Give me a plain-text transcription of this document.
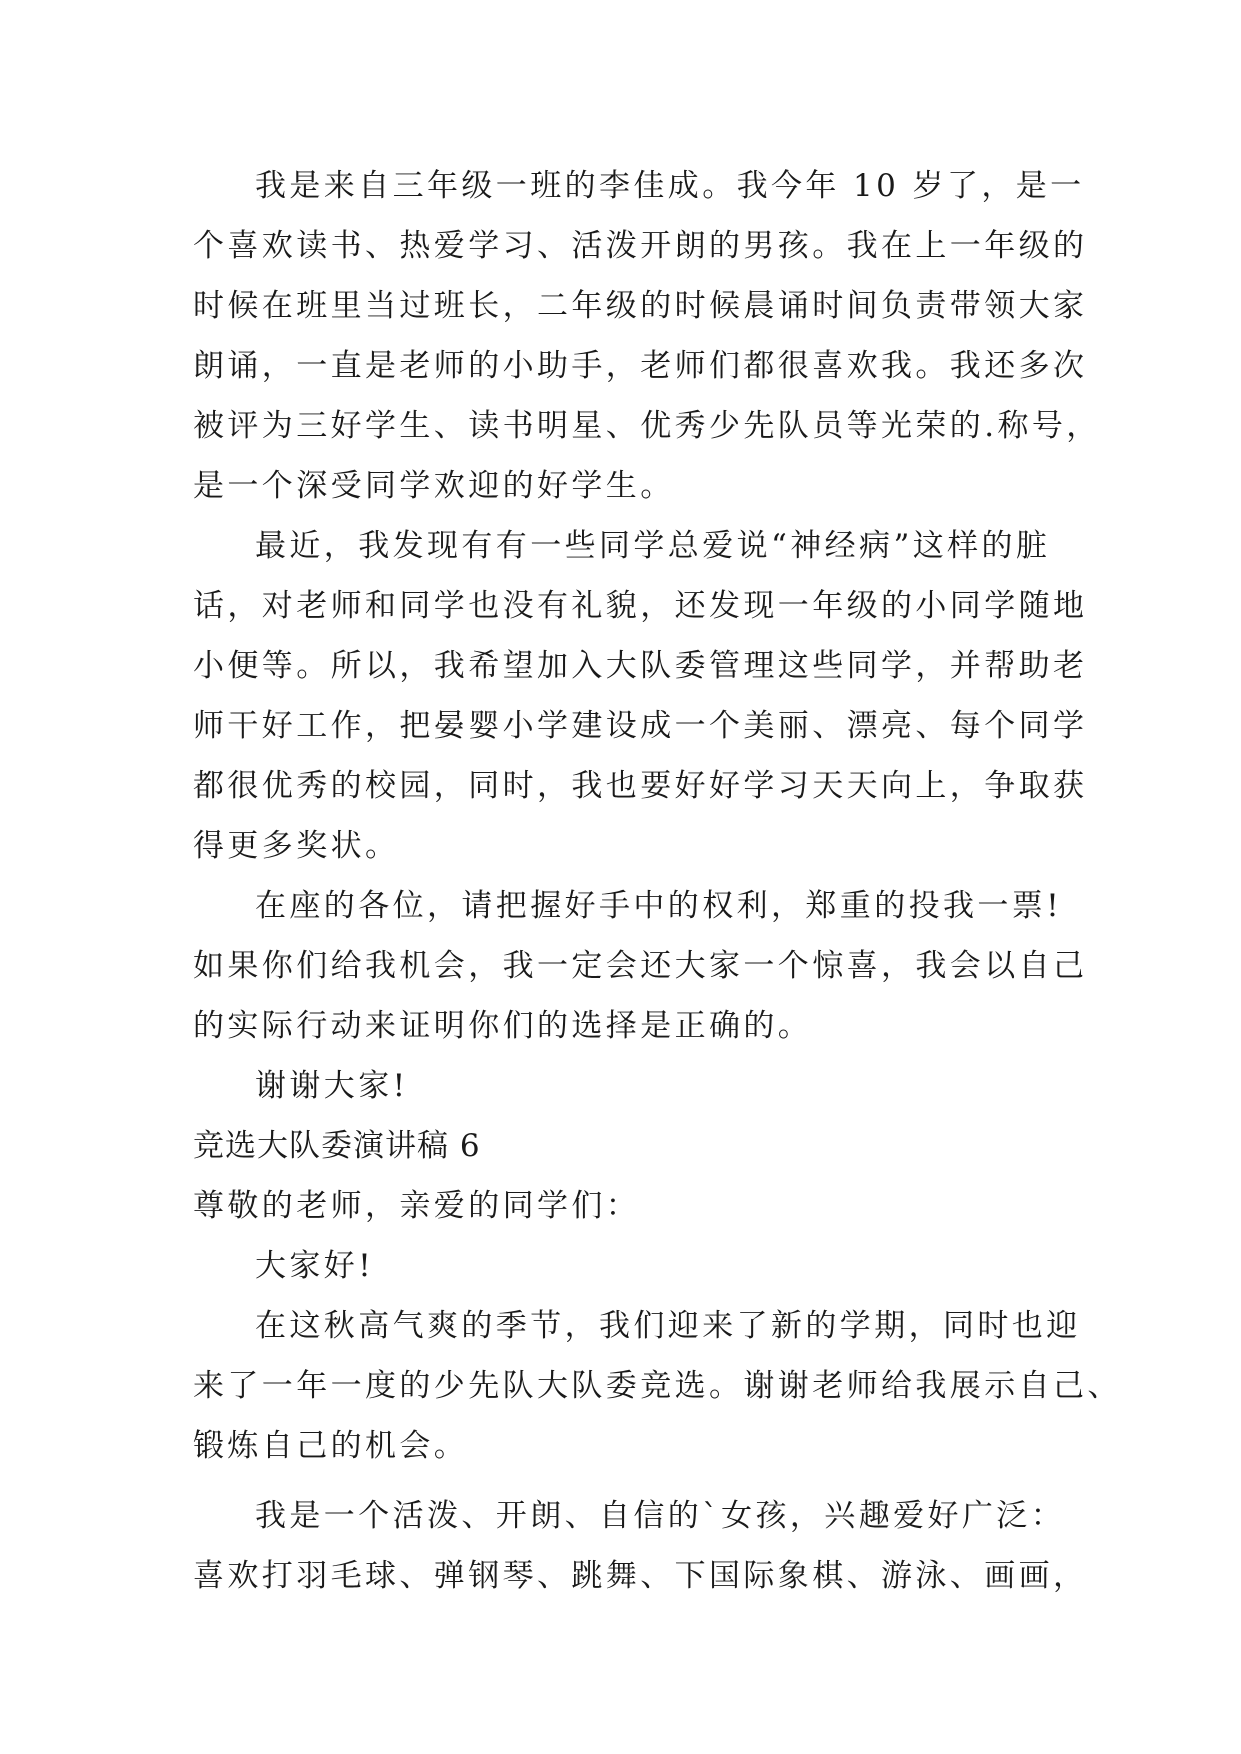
我是来自三年级一班的李佳成。我今年 10 岁了，是一
个喜欢读书、热爱学习、活泼开朗的男孩。我在上一年级的
时候在班里当过班长，二年级的时候晨诵时间负责带领大家
朗诵，一直是老师的小助手，老师们都很喜欢我。我还多次
被评为三好学生、读书明星、优秀少先队员等光荣的.称号，
是一个深受同学欢迎的好学生。
最近，我发现有有一些同学总爱说“神经病”这样的脏
话，对老师和同学也没有礼貌，还发现一年级的小同学随地
小便等。所以，我希望加入大队委管理这些同学，并帮助老
师干好工作，把晏婴小学建设成一个美丽、漂亮、每个同学
都很优秀的校园，同时，我也要好好学习天天向上，争取获
得更多奖状。
在座的各位，请把握好手中的权利，郑重的投我一票!
如果你们给我机会，我一定会还大家一个惊喜，我会以自己
的实际行动来证明你们的选择是正确的。
谢谢大家!
竞选大队委演讲稿 6
尊敬的老师，亲爱的同学们：
大家好!
在这秋高气爽的季节，我们迎来了新的学期，同时也迎
来了一年一度的少先队大队委竞选。谢谢老师给我展示自己、
锻炼自己的机会。
我是一个活泼、开朗、自信的`女孩，兴趣爱好广泛：
喜欢打羽毛球、弹钢琴、跳舞、下国际象棋、游泳、画画，
